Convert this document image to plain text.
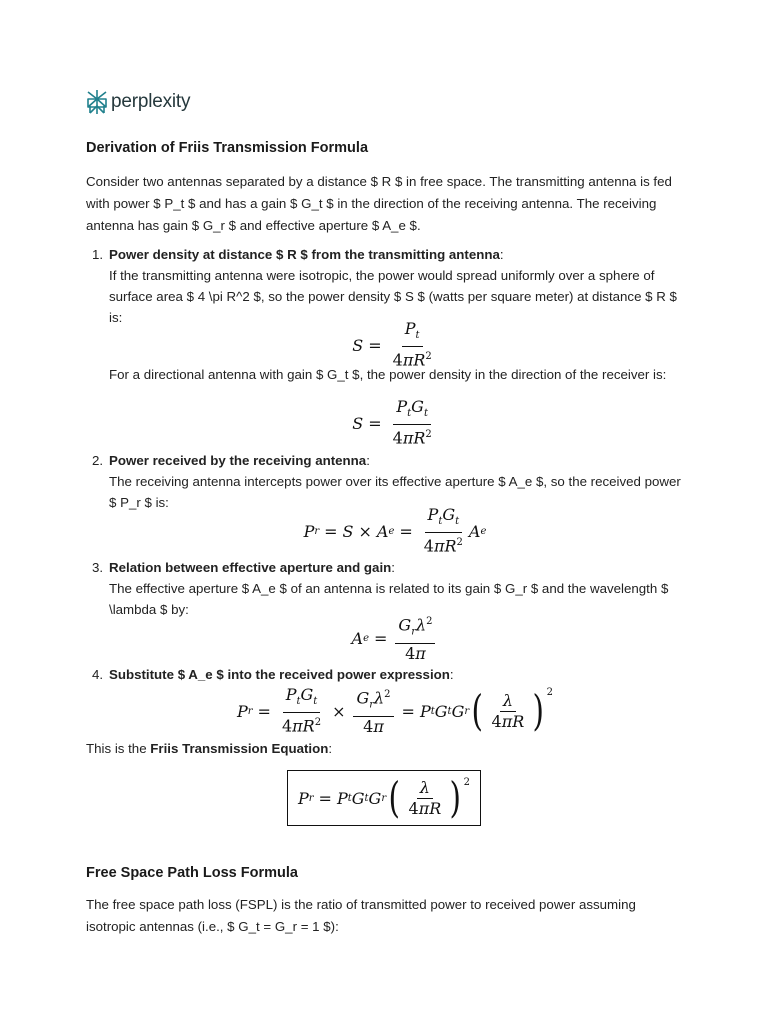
perplexity
Derivation of Friis Transmission Formula

Consider two antennas separated by a distance $ R $ in free space. The transmitting antenna is fed with power $ P_t $ and has a gain $ G_t $ in the direction of the receiving antenna. The receiving antenna has gain $ G_r $ and effective aperture $ A_e $.

1. Power density at distance $ R $ from the transmitting antenna:
If the transmitting antenna were isotropic, the power would spread uniformly over a sphere of surface area $ 4 \pi R^2 $, so the power density $ S $ (watts per square meter) at distance $ R $ is:
$S = \frac{P_t}{4\pi R^2}$
For a directional antenna with gain $ G_t $, the power density in the direction of the receiver is:
$S = \frac{P_tG_t}{4\pi R^2}$
2. Power received by the receiving antenna:
The receiving antenna intercepts power over its effective aperture $ A_e $, so the received power $ P_r $ is:
P r = S × A $e = \frac{P_tG_t}{4\pi R^2}$ A e
3. Relation between effective aperture and gain:
The effective aperture $ A_e $ of an antenna is related to its gain $ G_r $ and the wavelength $ \lambda $ by:
A $e = \frac{G_r\lambda^2}{4\pi}$
4. Substitute $ A_e $ into the received power expression:
P $r = \frac{P_tG_t}{4\pi R^2} \times \frac{G_r\lambda^2}{4\pi} = P$ t G t G r ( $\frac{\lambda}{4\pi R} )^2$

This is the Friis Transmission Equation:

P r = P t G t G r ( $\frac{\lambda}{4\pi R} )^2$
Free Space Path Loss Formula

The free space path loss (FSPL) is the ratio of transmitted power to received power assuming isotropic antennas (i.e., $ G_t = G_r = 1 $):
